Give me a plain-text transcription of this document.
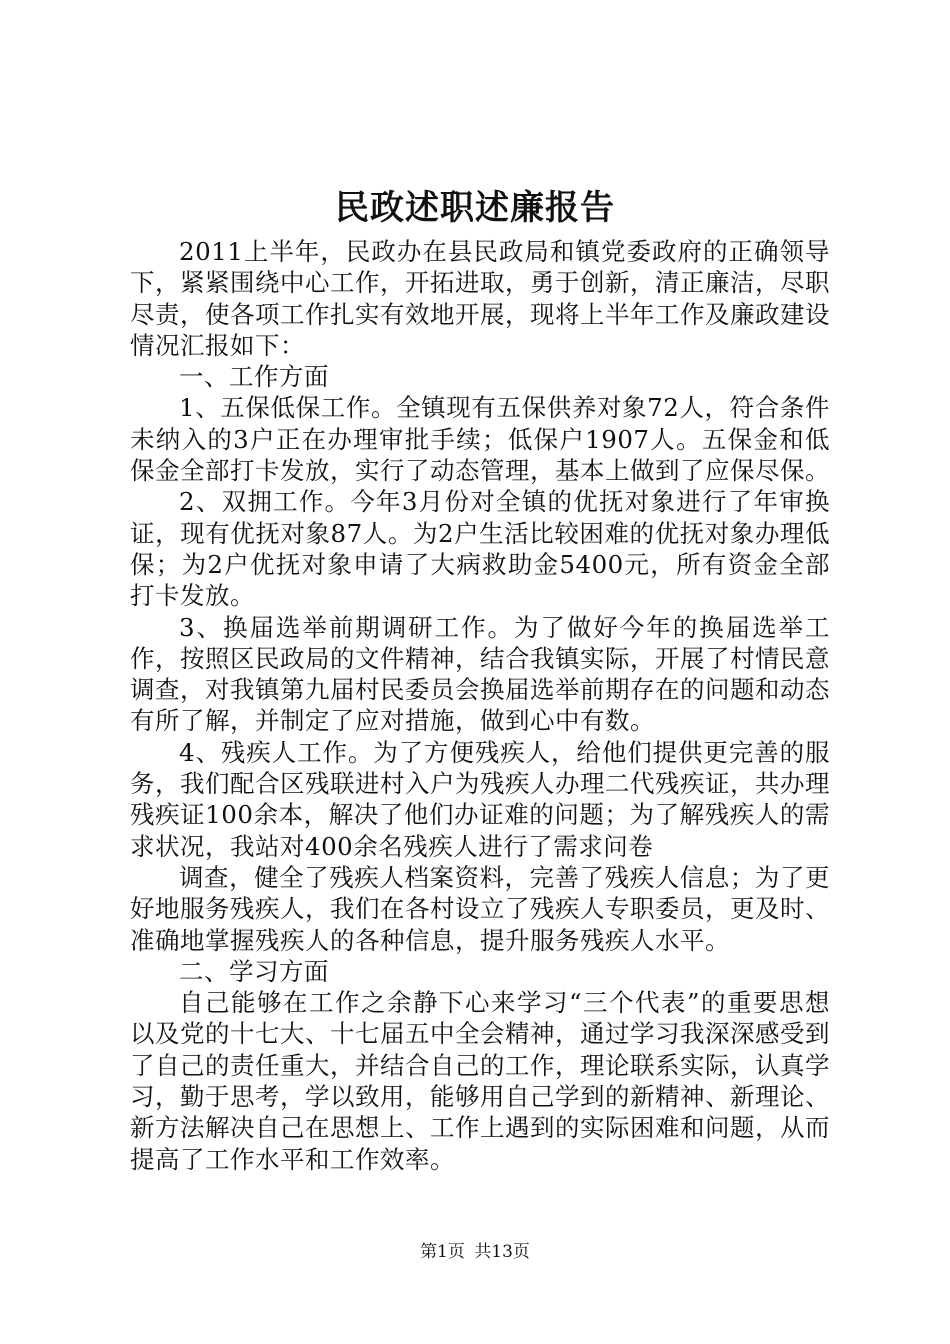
民政述职述廉报告

2011上半年，民政办在县民政局和镇党委政府的正确领导下，紧紧围绕中心工作，开拓进取，勇于创新，清正廉洁，尽职尽责，使各项工作扎实有效地开展，现将上半年工作及廉政建设情况汇报如下：

一、工作方面

1、五保低保工作。全镇现有五保供养对象72人，符合条件未纳入的3户正在办理审批手续；低保户1907人。五保金和低保金全部打卡发放，实行了动态管理，基本上做到了应保尽保。

2、双拥工作。今年3月份对全镇的优抚对象进行了年审换证，现有优抚对象87人。为2户生活比较困难的优抚对象办理低保；为2户优抚对象申请了大病救助金5400元，所有资金全部打卡发放。

3、换届选举前期调研工作。为了做好今年的换届选举工作，按照区民政局的文件精神，结合我镇实际，开展了村情民意调查，对我镇第九届村民委员会换届选举前期存在的问题和动态有所了解，并制定了应对措施，做到心中有数。

4、残疾人工作。为了方便残疾人，给他们提供更完善的服务，我们配合区残联进村入户为残疾人办理二代残疾证，共办理残疾证100余本，解决了他们办证难的问题；为了解残疾人的需求状况，我站对400余名残疾人进行了需求问卷

调查，健全了残疾人档案资料，完善了残疾人信息；为了更好地服务残疾人，我们在各村设立了残疾人专职委员，更及时、准确地掌握残疾人的各种信息，提升服务残疾人水平。

二、学习方面

自己能够在工作之余静下心来学习“三个代表”的重要思想以及党的十七大、十七届五中全会精神，通过学习我深深感受到了自己的责任重大，并结合自己的工作，理论联系实际，认真学习，勤于思考，学以致用，能够用自己学到的新精神、新理论、新方法解决自己在思想上、工作上遇到的实际困难和问题，从而提高了工作水平和工作效率。

第1页 共13页
